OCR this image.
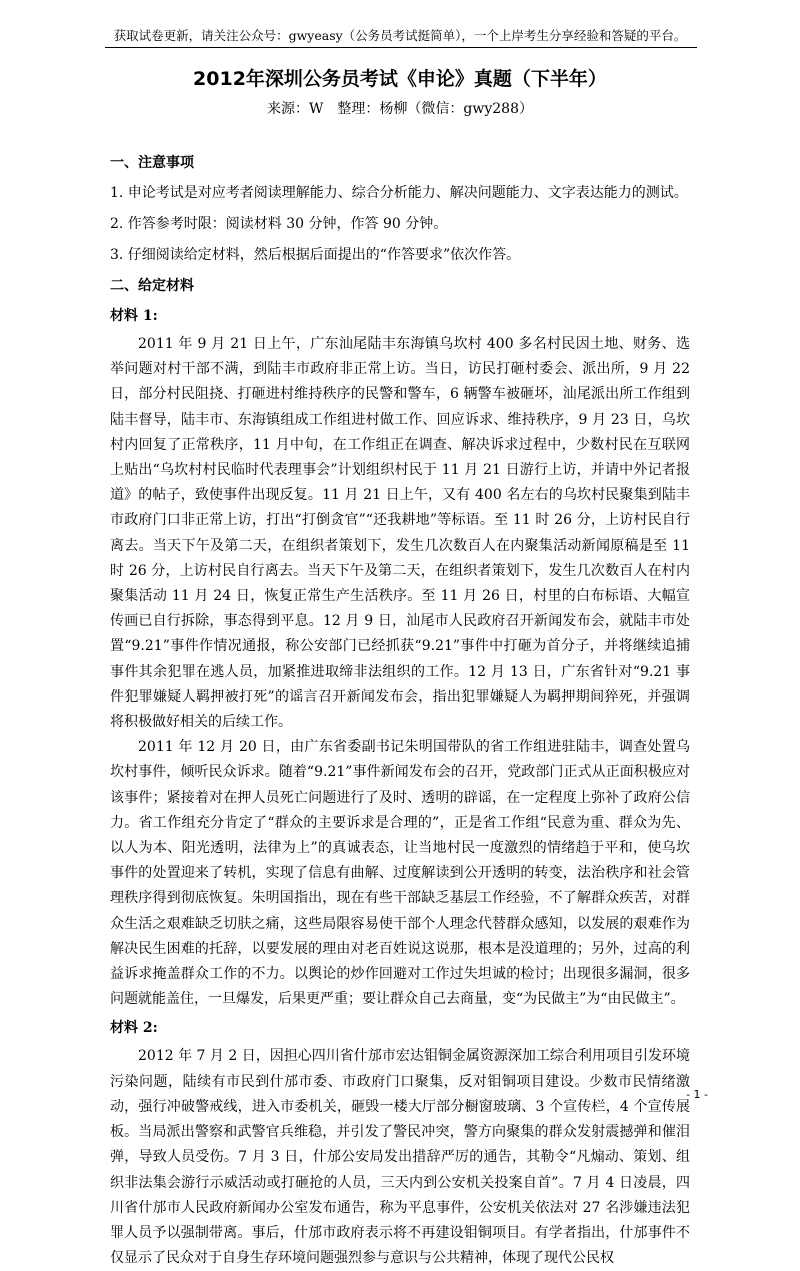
获取试卷更新，请关注公众号：gwyeasy（公务员考试挺简单），一个上岸考生分享经验和答疑的平台。
2012年深圳公务员考试《申论》真题（下半年）
来源：W　整理：杨柳（微信：gwy288）
一、注意事项
1. 申论考试是对应考者阅读理解能力、综合分析能力、解决问题能力、文字表达能力的测试。
2. 作答参考时限：阅读材料 30 分钟，作答 90 分钟。
3. 仔细阅读给定材料，然后根据后面提出的“作答要求”依次作答。
二、给定材料
材料 1:

2011 年 9 月 21 日上午，广东汕尾陆丰东海镇乌坎村 400 多名村民因土地、财务、选举问题对村干部不满，到陆丰市政府非正常上访。当日，访民打砸村委会、派出所，9 月 22 日，部分村民阻挠、打砸进村维持秩序的民警和警车，6 辆警车被砸坏，汕尾派出所工作组到陆丰督导，陆丰市、东海镇组成工作组进村做工作、回应诉求、维持秩序，9 月 23 日，乌坎村内回复了正常秩序，11 月中旬，在工作组正在调查、解决诉求过程中，少数村民在互联网上贴出“乌坎村村民临时代表理事会”计划组织村民于 11 月 21 日游行上访，并请中外记者报道》的帖子，致使事件出现反复。11 月 21 日上午，又有 400 名左右的乌坎村民聚集到陆丰市政府门口非正常上访，打出“打倒贪官”“还我耕地”等标语。至 11 时 26 分，上访村民自行离去。当天下午及第二天，在组织者策划下，发生几次数百人在内聚集活动新闻原稿是至 11 时 26 分，上访村民自行离去。当天下午及第二天，在组织者策划下，发生几次数百人在村内聚集活动 11 月 24 日，恢复正常生产生活秩序。至 11 月 26 日，村里的白布标语、大幅宣传画已自行拆除，事态得到平息。12 月 9 日，汕尾市人民政府召开新闻发布会，就陆丰市处置“9.21”事件作情况通报，称公安部门已经抓获“9.21”事件中打砸为首分子，并将继续追捕事件其余犯罪在逃人员，加紧推进取缔非法组织的工作。12 月 13 日，广东省针对“9.21 事件犯罪嫌疑人羁押被打死”的谣言召开新闻发布会，指出犯罪嫌疑人为羁押期间猝死，并强调将积极做好相关的后续工作。

2011 年 12 月 20 日，由广东省委副书记朱明国带队的省工作组进驻陆丰，调查处置乌坎村事件，倾听民众诉求。随着“9.21”事件新闻发布会的召开，党政部门正式从正面积极应对该事件；紧接着对在押人员死亡问题进行了及时、透明的辟谣，在一定程度上弥补了政府公信力。省工作组充分肯定了“群众的主要诉求是合理的”，正是省工作组“民意为重、群众为先、以人为本、阳光透明，法律为上”的真诚表态，让当地村民一度激烈的情绪趋于平和，使乌坎事件的处置迎来了转机，实现了信息有曲解、过度解读到公开透明的转变，法治秩序和社会管理秩序得到彻底恢复。朱明国指出，现在有些干部缺乏基层工作经验，不了解群众疾苦，对群众生活之艰难缺乏切肤之痛，这些局限容易使干部个人理念代替群众感知，以发展的艰难作为解决民生困难的托辞，以要发展的理由对老百姓说这说那，根本是没道理的；另外，过高的利益诉求掩盖群众工作的不力。以舆论的炒作回避对工作过失坦诚的检讨；出现很多漏洞，很多问题就能盖住，一旦爆发，后果更严重；要让群众自己去商量，变“为民做主”为“由民做主”。

材料 2:

2012 年 7 月 2 日，因担心四川省什邡市宏达钼铜金属资源深加工综合利用项目引发环境污染问题，陆续有市民到什邡市委、市政府门口聚集，反对钼铜项目建设。少数市民情绪激动，强行冲破警戒线，进入市委机关，砸毁一楼大厅部分橱窗玻璃、3 个宣传栏，4 个宣传展板。当局派出警察和武警官兵维稳，并引发了警民冲突，警方向聚集的群众发射震撼弹和催泪弹，导致人员受伤。7 月 3 日，什邡公安局发出措辞严厉的通告，其勒令“凡煽动、策划、组织非法集会游行示威活动或打砸抢的人员，三天内到公安机关投案自首”。7 月 4 日凌晨，四川省什邡市人民政府新闻办公室发布通告，称为平息事件，公安机关依法对 27 名涉嫌违法犯罪人员予以强制带离。事后，什邡市政府表示将不再建设钼铜项目。有学者指出，什邡事件不仅显示了民众对于自身生存环境问题强烈参与意识与公共精神，体现了现代公民权

- 1 -
